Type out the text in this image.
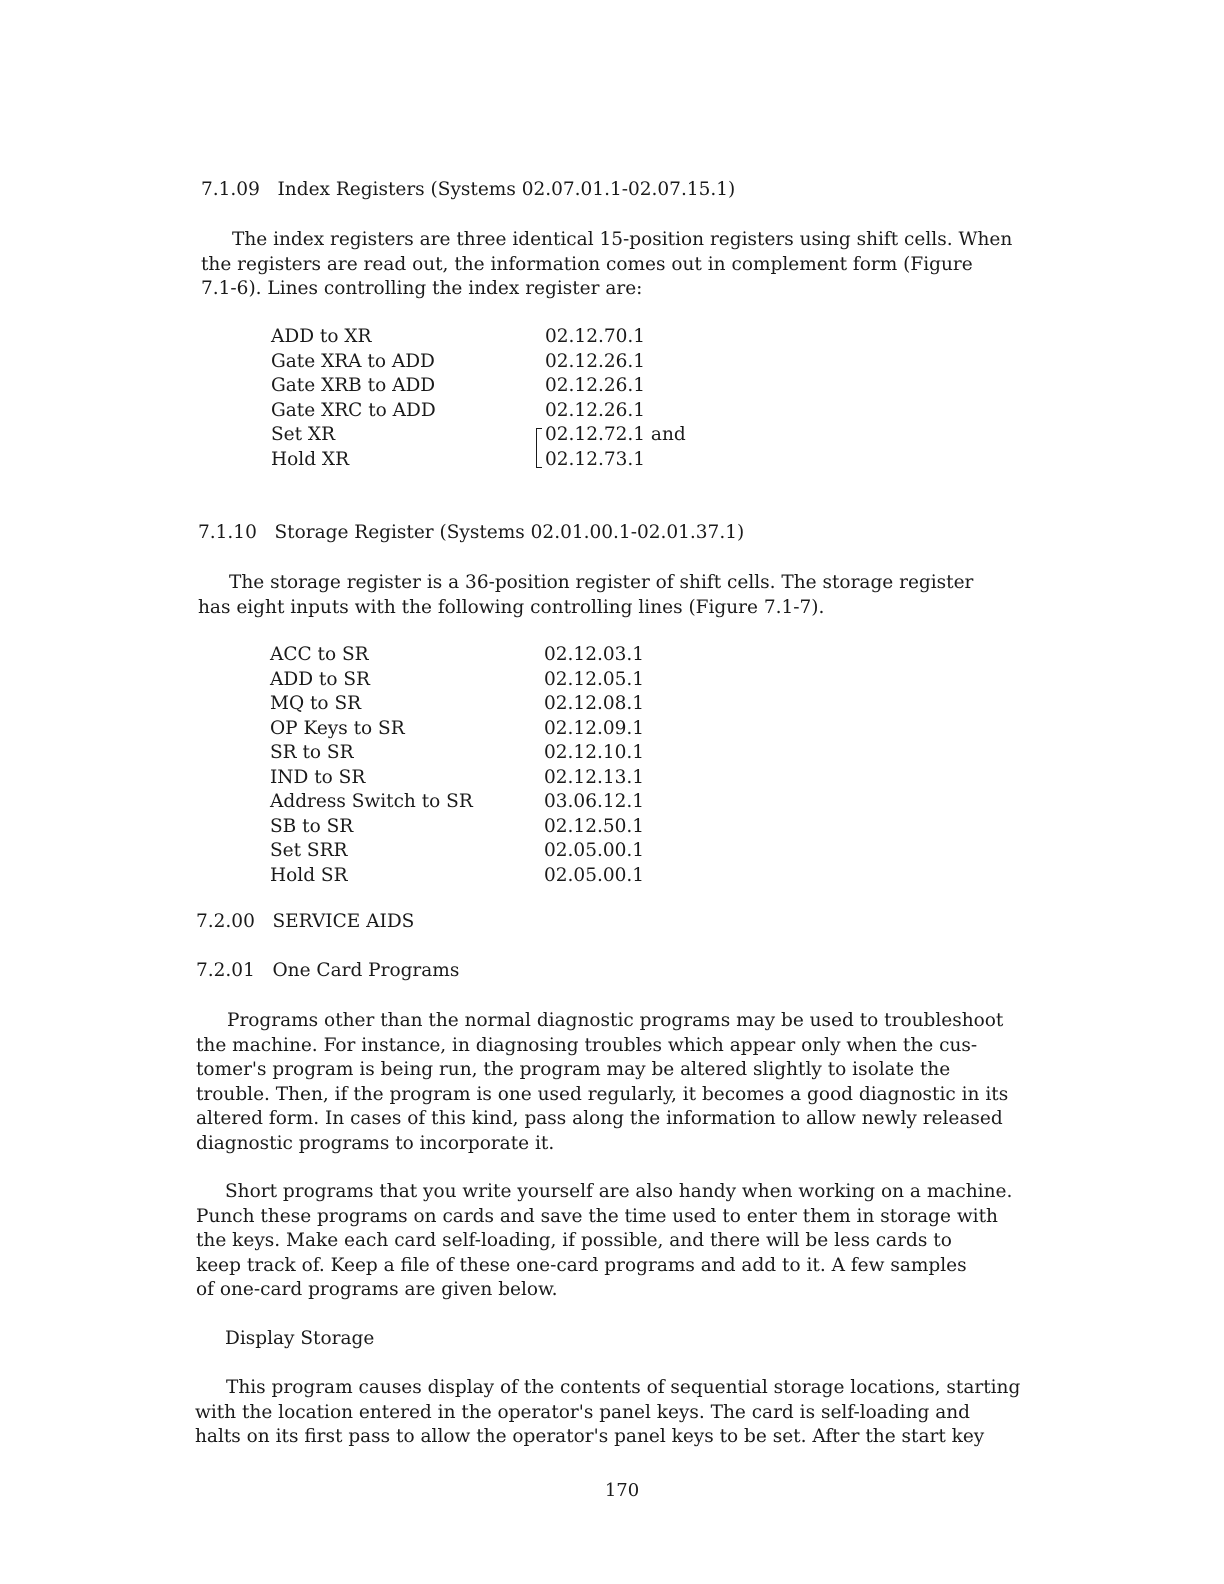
7.1.09 Index Registers (Systems 02.07.01.1-02.07.15.1)

The index registers are three identical 15-position registers using shift cells. When

the registers are read out, the information comes out in complement form (Figure

7.1-6). Lines controlling the index register are:

ADD to XR	02.12.70.1
Gate XRA to ADD	02.12.26.1
Gate XRB to ADD	02.12.26.1
Gate XRC to ADD	02.12.26.1
Set XR	02.12.72.1 and
Hold XR	02.12.73.1
7.1.10 Storage Register (Systems 02.01.00.1-02.01.37.1)

The storage register is a 36-position register of shift cells. The storage register

has eight inputs with the following controlling lines (Figure 7.1-7).

ACC to SR	02.12.03.1
ADD to SR	02.12.05.1
MQ to SR	02.12.08.1
OP Keys to SR	02.12.09.1
SR to SR	02.12.10.1
IND to SR	02.12.13.1
Address Switch to SR	03.06.12.1
SB to SR	02.12.50.1
Set SRR	02.05.00.1
Hold SR	02.05.00.1
7.2.00 SERVICE AIDS
7.2.01 One Card Programs

Programs other than the normal diagnostic programs may be used to troubleshoot

the machine. For instance, in diagnosing troubles which appear only when the cus-

tomer's program is being run, the program may be altered slightly to isolate the

trouble. Then, if the program is one used regularly, it becomes a good diagnostic in its

altered form. In cases of this kind, pass along the information to allow newly released

diagnostic programs to incorporate it.

Short programs that you write yourself are also handy when working on a machine.

Punch these programs on cards and save the time used to enter them in storage with

the keys. Make each card self-loading, if possible, and there will be less cards to

keep track of. Keep a file of these one-card programs and add to it. A few samples

of one-card programs are given below.

Display Storage

This program causes display of the contents of sequential storage locations, starting

with the location entered in the operator's panel keys. The card is self-loading and

halts on its first pass to allow the operator's panel keys to be set. After the start key

170
